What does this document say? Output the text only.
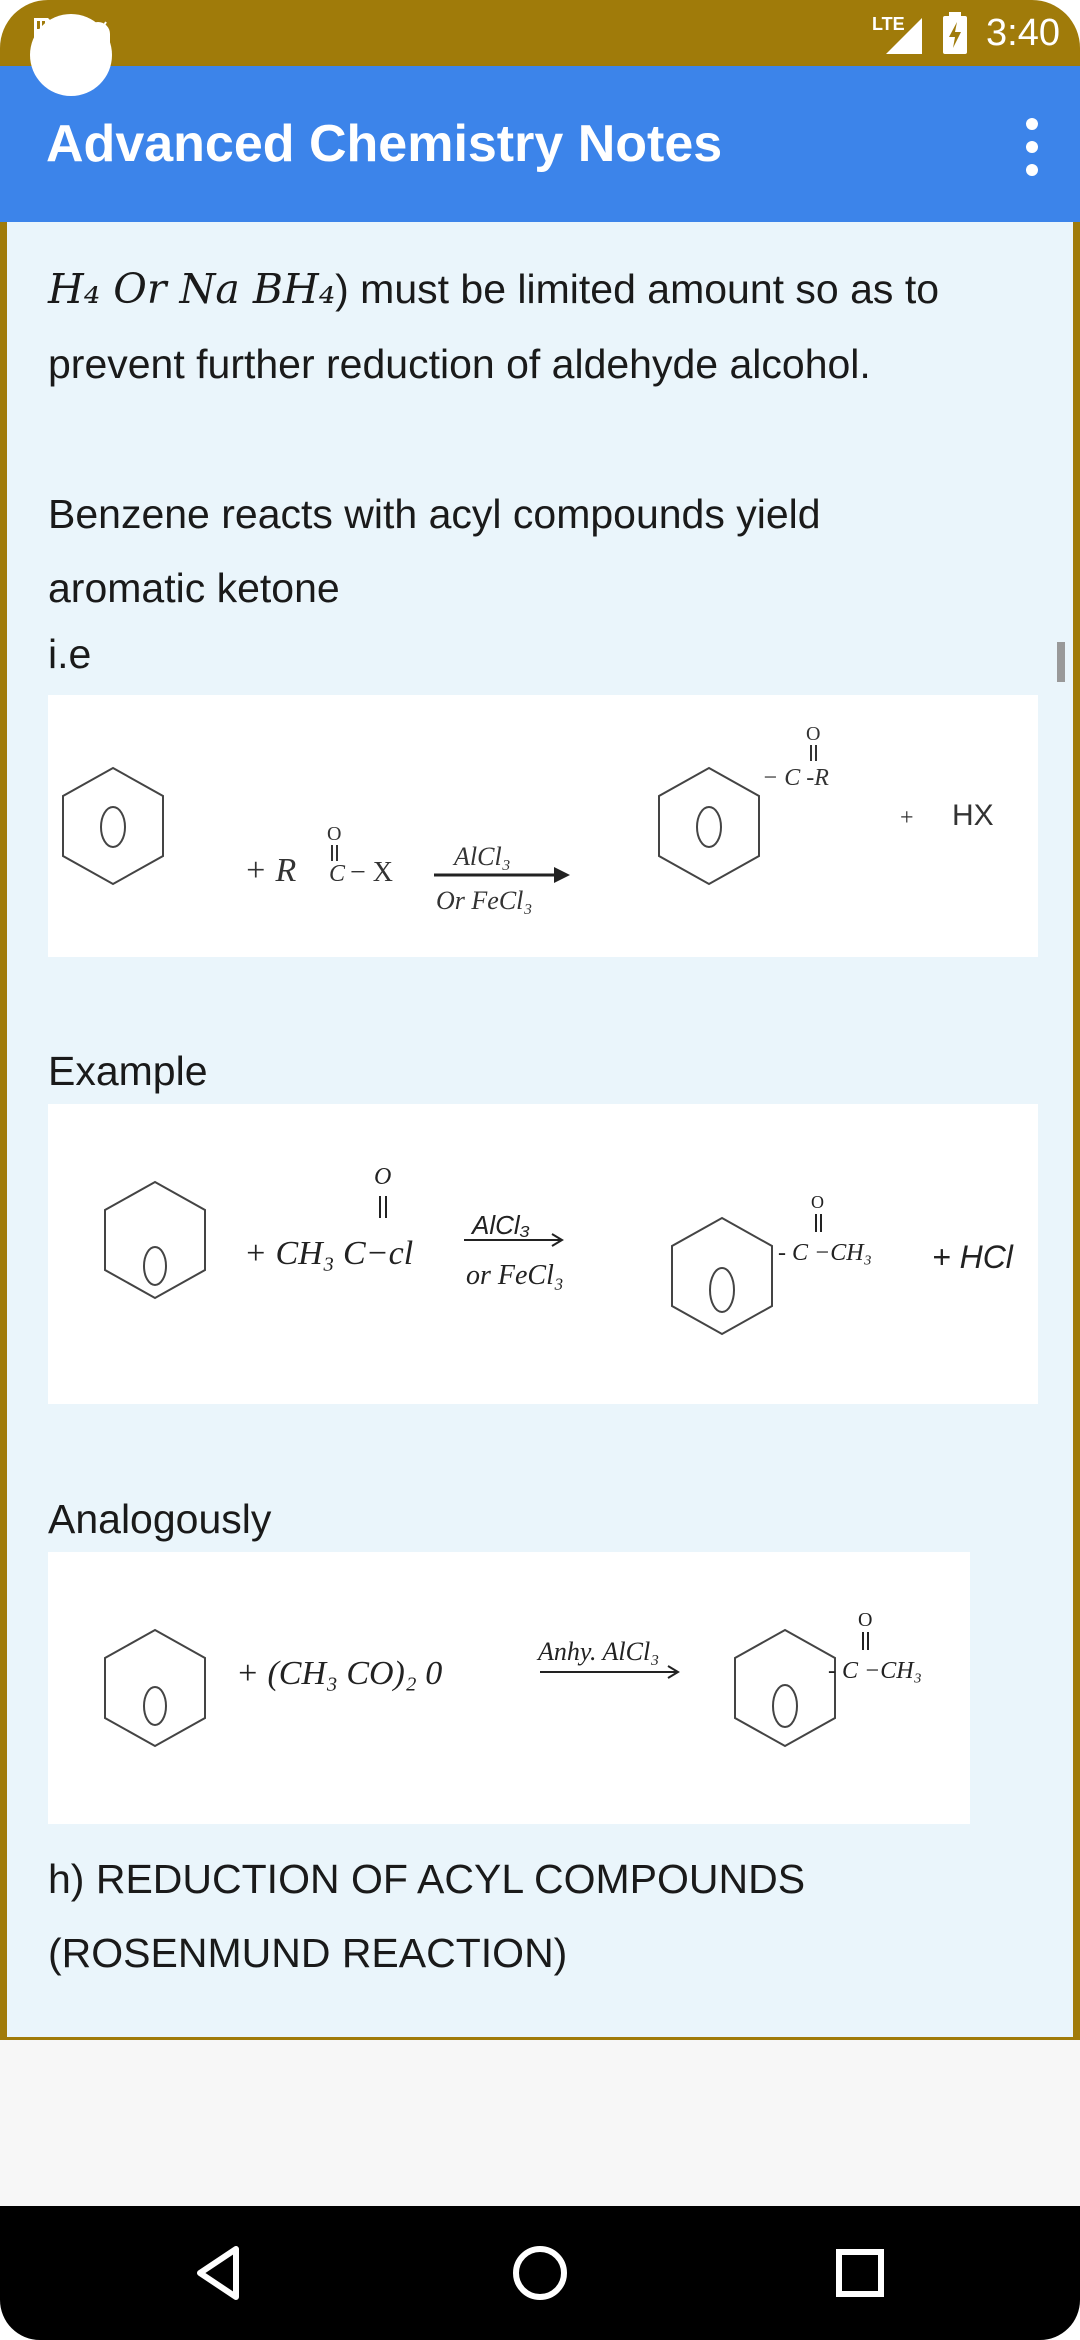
LTE 3:40
Advanced Chemistry Notes
H₄ Or Na BH₄) must be limited amount so as to
prevent further reduction of aldehyde alcohol.
Benzene reacts with acyl compounds yield
aromatic ketone
i.e
+ R C
O
− X
AlCl₃
Or FeCl₃
− C -R
O
+ HX
Example
+ CH₃ C−cl
O
AlCl₃
or FeCl₃
- C −CH₃
O
+ HCl
Analogously
+ (CH₃ CO)₂ 0
Anhy. AlCl₃
- C −CH₃
O
h) REDUCTION OF ACYL COMPOUNDS
(ROSENMUND REACTION)
